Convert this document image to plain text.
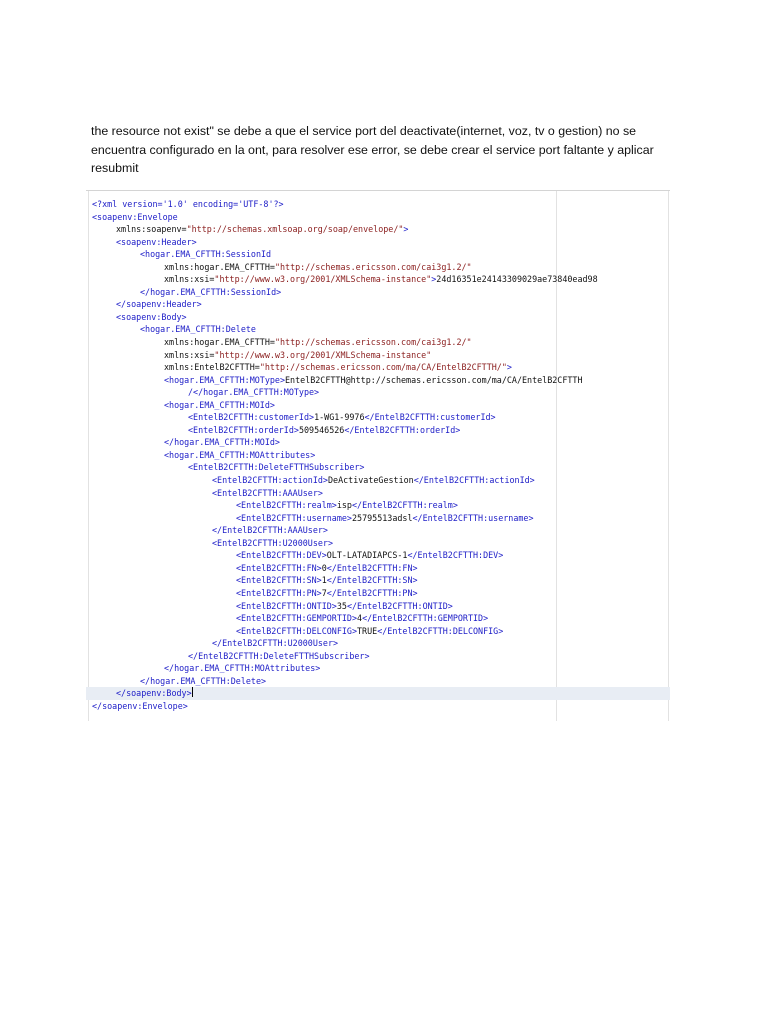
the resource not exist" se debe a que el service port del deactivate(internet, voz, tv o gestion) no se encuentra configurado en la ont, para resolver ese error, se debe crear el service port faltante y aplicar resubmit

<?xml version='1.0' encoding='UTF-8'?>
<soapenv:Envelope
xmlns:soapenv="http://schemas.xmlsoap.org/soap/envelope/">
<soapenv:Header>
<hogar.EMA_CFTTH:SessionId
xmlns:hogar.EMA_CFTTH="http://schemas.ericsson.com/cai3g1.2/"
xmlns:xsi="http://www.w3.org/2001/XMLSchema-instance">24d16351e24143309029ae73840ead98
</hogar.EMA_CFTTH:SessionId>
</soapenv:Header>
<soapenv:Body>
<hogar.EMA_CFTTH:Delete
xmlns:hogar.EMA_CFTTH="http://schemas.ericsson.com/cai3g1.2/"
xmlns:xsi="http://www.w3.org/2001/XMLSchema-instance"
xmlns:EntelB2CFTTH="http://schemas.ericsson.com/ma/CA/EntelB2CFTTH/">
<hogar.EMA_CFTTH:MOType>EntelB2CFTTH@http://schemas.ericsson.com/ma/CA/EntelB2CFTTH
/</hogar.EMA_CFTTH:MOType>
<hogar.EMA_CFTTH:MOId>
<EntelB2CFTTH:customerId>1-WG1-9976</EntelB2CFTTH:customerId>
<EntelB2CFTTH:orderId>509546526</EntelB2CFTTH:orderId>
</hogar.EMA_CFTTH:MOId>
<hogar.EMA_CFTTH:MOAttributes>
<EntelB2CFTTH:DeleteFTTHSubscriber>
<EntelB2CFTTH:actionId>DeActivateGestion</EntelB2CFTTH:actionId>
<EntelB2CFTTH:AAAUser>
<EntelB2CFTTH:realm>isp</EntelB2CFTTH:realm>
<EntelB2CFTTH:username>25795513adsl</EntelB2CFTTH:username>
</EntelB2CFTTH:AAAUser>
<EntelB2CFTTH:U2000User>
<EntelB2CFTTH:DEV>OLT-LATADIAPCS-1</EntelB2CFTTH:DEV>
<EntelB2CFTTH:FN>0</EntelB2CFTTH:FN>
<EntelB2CFTTH:SN>1</EntelB2CFTTH:SN>
<EntelB2CFTTH:PN>7</EntelB2CFTTH:PN>
<EntelB2CFTTH:ONTID>35</EntelB2CFTTH:ONTID>
<EntelB2CFTTH:GEMPORTID>4</EntelB2CFTTH:GEMPORTID>
<EntelB2CFTTH:DELCONFIG>TRUE</EntelB2CFTTH:DELCONFIG>
</EntelB2CFTTH:U2000User>
</EntelB2CFTTH:DeleteFTTHSubscriber>
</hogar.EMA_CFTTH:MOAttributes>
</hogar.EMA_CFTTH:Delete>
</soapenv:Body>
</soapenv:Envelope>
